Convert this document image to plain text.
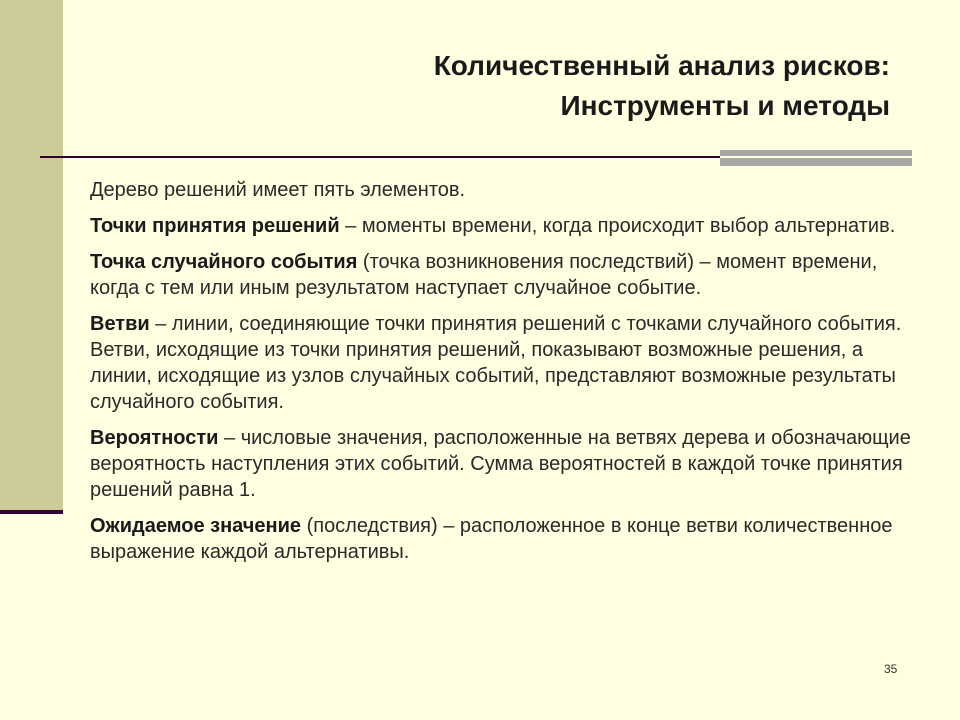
Количественный анализ рисков:
Инструменты и методы

Дерево решений имеет пять элементов.

Точки принятия решений – моменты времени, когда происходит выбор альтернатив.

Точка случайного события (точка возникновения последствий) – момент времени, когда с тем или иным результатом наступает случайное событие.

Ветви – линии, соединяющие точки принятия решений с точками случайного события. Ветви, исходящие из точки принятия решений, показывают возможные решения, а линии, исходящие из узлов случайных событий, представляют возможные результаты случайного события.

Вероятности – числовые значения, расположенные на ветвях дерева и обозначающие вероятность наступления этих событий. Сумма вероятностей в каждой точке принятия решений равна 1.

Ожидаемое значение (последствия) – расположенное в конце ветви количественное выражение каждой альтернативы.

35
